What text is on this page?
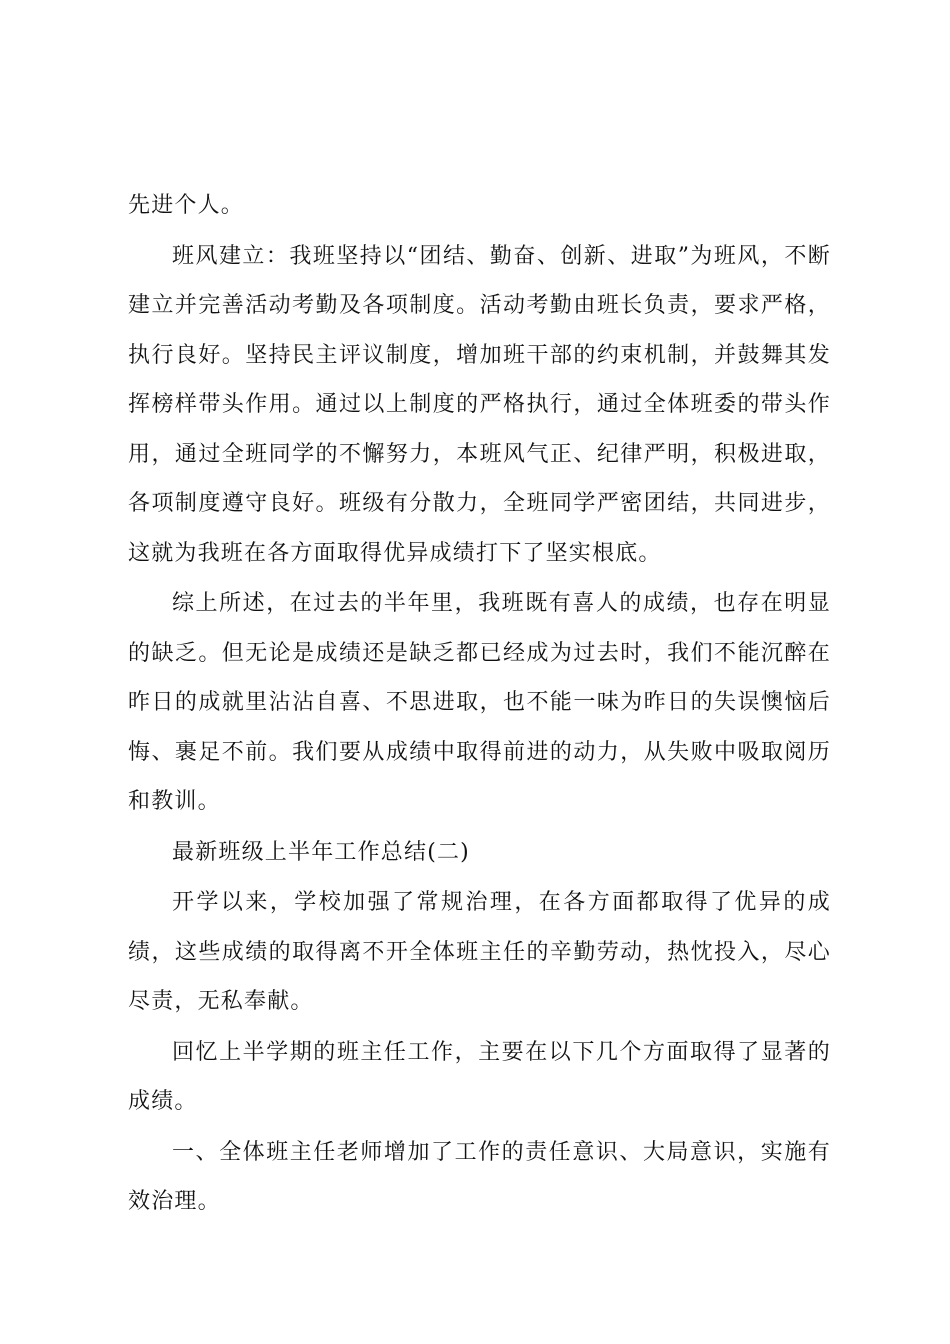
先进个人。

班风建立：我班坚持以“团结、勤奋、创新、进取”为班风，不断建立并完善活动考勤及各项制度。活动考勤由班长负责，要求严格，执行良好。坚持民主评议制度，增加班干部的约束机制，并鼓舞其发挥榜样带头作用。通过以上制度的严格执行，通过全体班委的带头作用，通过全班同学的不懈努力，本班风气正、纪律严明，积极进取，各项制度遵守良好。班级有分散力，全班同学严密团结，共同进步，这就为我班在各方面取得优异成绩打下了坚实根底。

综上所述，在过去的半年里，我班既有喜人的成绩，也存在明显的缺乏。但无论是成绩还是缺乏都已经成为过去时，我们不能沉醉在昨日的成就里沾沾自喜、不思进取，也不能一味为昨日的失误懊恼后悔、裹足不前。我们要从成绩中取得前进的动力，从失败中吸取阅历和教训。

最新班级上半年工作总结(二)

开学以来，学校加强了常规治理，在各方面都取得了优异的成绩，这些成绩的取得离不开全体班主任的辛勤劳动，热忱投入，尽心尽责，无私奉献。

回忆上半学期的班主任工作，主要在以下几个方面取得了显著的成绩。

一、全体班主任老师增加了工作的责任意识、大局意识，实施有效治理。
